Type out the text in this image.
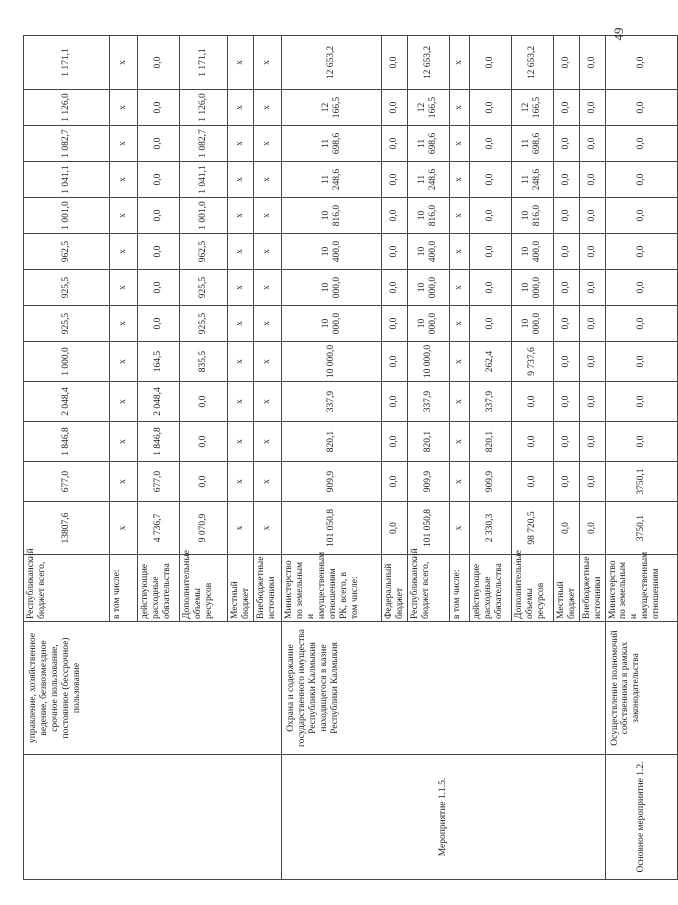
	управление, хозяйственное ведение, безвозмездное срочное пользование, постоянное (бессрочное) пользование	Республиканский бюджет всего,	13807,6	677,0	1 846,8	2 048,4	1 000,0	925,5	925,5	962,5	1 001,0	1 041,1	1 082,7	1 126,0	1 171,1
		в том числе:	х	х	х	х	х	х	х	х	х	х	х	х	х
		действующие расходные обязательства	4 736,7	677,0	1 846,8	2 048,4	164,5	0,0	0,0	0,0	0,0	0,0	0,0	0,0	0,0
		Дополнительные объемы ресурсов	9 070,9	0,0	0,0	0,0	835,5	925,5	925,5	962,5	1 001,0	1 041,1	1 082,7	1 126,0	1 171,1
		Местный бюджет	х	х	х	х	х	х	х	х	х	х	х	х	х
		Внебюджетные источники	х	х	х	х	х	х	х	х	х	х	х	х	х
Мероприятие 1.1.5.	Охрана и содержание государственного имущества Республики Калмыкия находящегося в казне Республики Калмыкия	Министерство по земельным и имущественным отношениям РК, всего, в том числе:	101 050,8	909,9	820,1	337,9	10 000,0	10 000,0	10 000,0	10 400,0	10 816,0	11 248,6	11 698,6	12 166,5	12 653,2
		Федеральный бюджет	0,0	0,0	0,0	0,0	0,0	0,0	0,0	0,0	0,0	0,0	0,0	0,0	0,0
		Республиканский бюджет всего,	101 050,8	909,9	820,1	337,9	10 000,0	10 000,0	10 000,0	10 400,0	10 816,0	11 248,6	11 698,6	12 166,5	12 653,2
		в том числе:	х	х	х	х	х	х	х	х	х	х	х	х	х
		действующие расходные обязательства	2 330,3	909,9	820,1	337,9	262,4	0,0	0,0	0,0	0,0	0,0	0,0	0,0	0,0
		Дополнительные объемы ресурсов	98 720,5	0,0	0,0	0,0	9 737,6	10 000,0	10 000,0	10 400,0	10 816,0	11 248,6	11 698,6	12 166,5	12 653,2
		Местный бюджет	0,0	0,0	0,0	0,0	0,0	0,0	0,0	0,0	0,0	0,0	0,0	0,0	0,0
		Внебюджетные источники	0,0	0,0	0,0	0,0	0,0	0,0	0,0	0,0	0,0	0,0	0,0	0,0	0,0
Основное мероприятие 1.2.	Осуществление полномочий собственника в рамках законодательства	Министерство по земельным и имущественным отношениям	3750,1	3750,1	0,0	0,0	0,0	0,0	0,0	0,0	0,0	0,0	0,0	0,0	0,0
49
